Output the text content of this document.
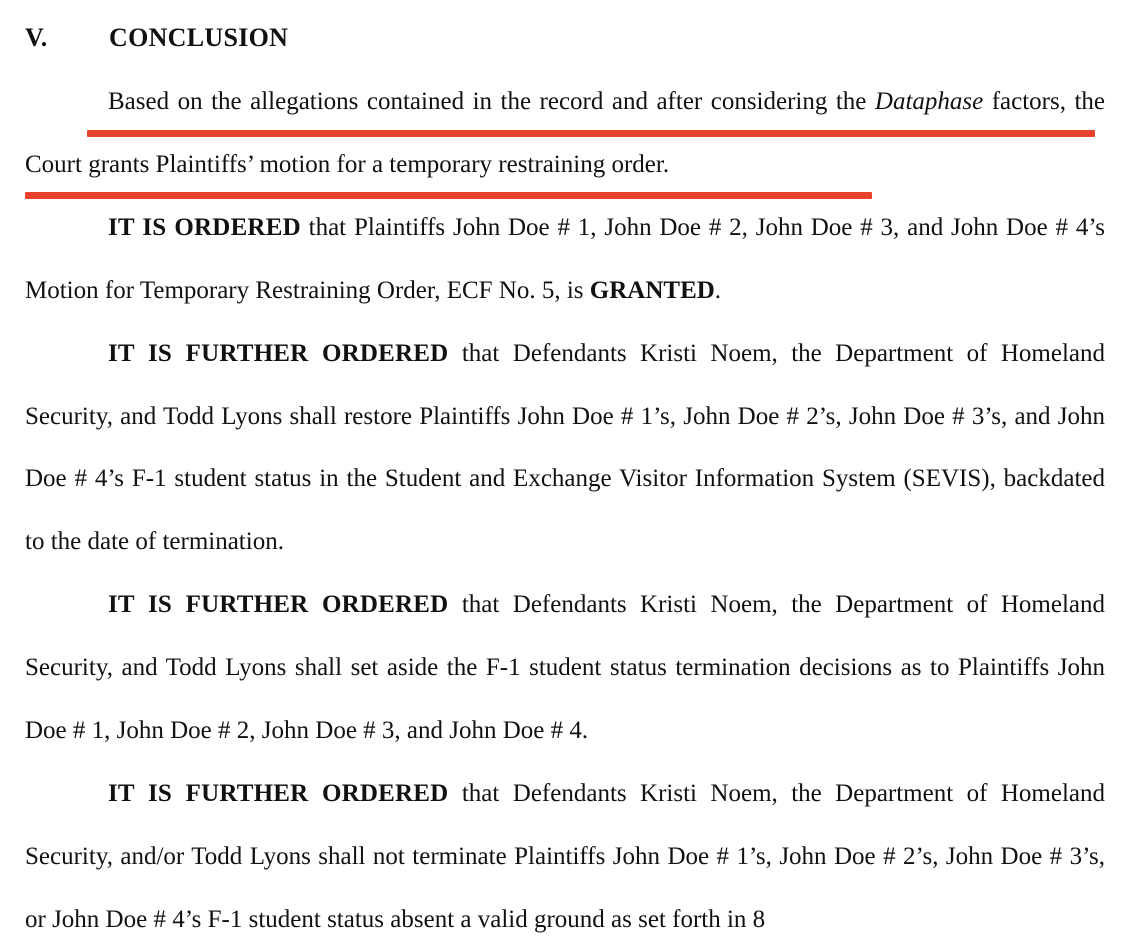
V. CONCLUSION

Based on the allegations contained in the record and after considering the Dataphase factors, the Court grants Plaintiffs’ motion for a temporary restraining order.

IT IS ORDERED that Plaintiffs John Doe # 1, John Doe # 2, John Doe # 3, and John Doe # 4’s Motion for Temporary Restraining Order, ECF No. 5, is GRANTED.

IT IS FURTHER ORDERED that Defendants Kristi Noem, the Department of Homeland Security, and Todd Lyons shall restore Plaintiffs John Doe # 1’s, John Doe # 2’s, John Doe # 3’s, and John Doe # 4’s F-1 student status in the Student and Exchange Visitor Information System (SEVIS), backdated to the date of termination.

IT IS FURTHER ORDERED that Defendants Kristi Noem, the Department of Homeland Security, and Todd Lyons shall set aside the F-1 student status termination decisions as to Plaintiffs John Doe # 1, John Doe # 2, John Doe # 3, and John Doe # 4.

IT IS FURTHER ORDERED that Defendants Kristi Noem, the Department of Homeland Security, and/or Todd Lyons shall not terminate Plaintiffs John Doe # 1’s, John Doe # 2’s, John Doe # 3’s, or John Doe # 4’s F-1 student status absent a valid ground as set forth in 8
